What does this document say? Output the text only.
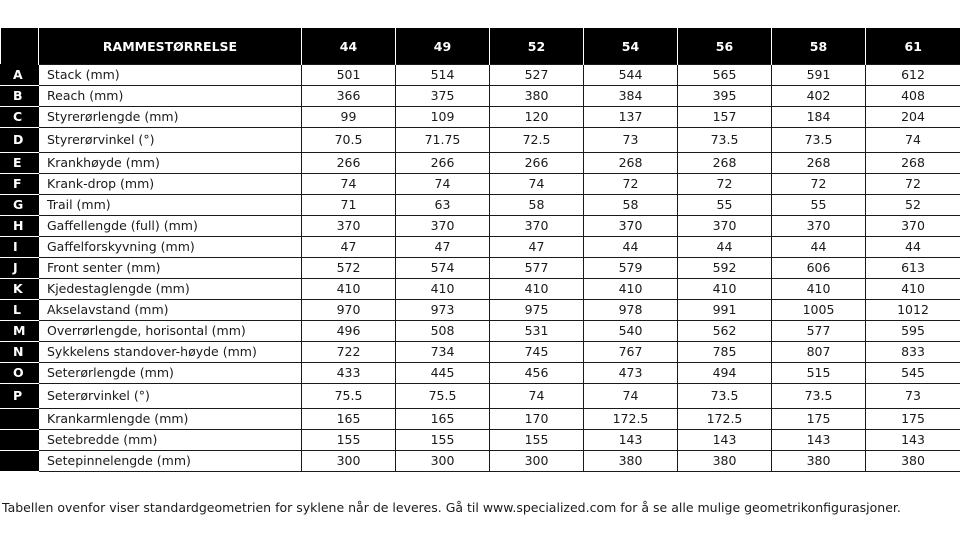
	RAMMESTØRRELSE	44	49	52	54	56	58	61
A	Stack (mm)	501	514	527	544	565	591	612
B	Reach (mm)	366	375	380	384	395	402	408
C	Styrerørlengde (mm)	99	109	120	137	157	184	204
D	Styrerørvinkel (°)	70.5	71.75	72.5	73	73.5	73.5	74
E	Krankhøyde (mm)	266	266	266	268	268	268	268
F	Krank-drop (mm)	74	74	74	72	72	72	72
G	Trail (mm)	71	63	58	58	55	55	52
H	Gaffellengde (full) (mm)	370	370	370	370	370	370	370
I	Gaffelforskyvning (mm)	47	47	47	44	44	44	44
J	Front senter (mm)	572	574	577	579	592	606	613
K	Kjedestaglengde (mm)	410	410	410	410	410	410	410
L	Akselavstand (mm)	970	973	975	978	991	1005	1012
M	Overrørlengde, horisontal (mm)	496	508	531	540	562	577	595
N	Sykkelens standover-høyde (mm)	722	734	745	767	785	807	833
O	Seterørlengde (mm)	433	445	456	473	494	515	545
P	Seterørvinkel (°)	75.5	75.5	74	74	73.5	73.5	73
	Krankarmlengde (mm)	165	165	170	172.5	172.5	175	175
	Setebredde (mm)	155	155	155	143	143	143	143
	Setepinnelengde (mm)	300	300	300	380	380	380	380
Tabellen ovenfor viser standardgeometrien for syklene når de leveres. Gå til www.specialized.com for å se alle mulige geometrikonfigurasjoner.
